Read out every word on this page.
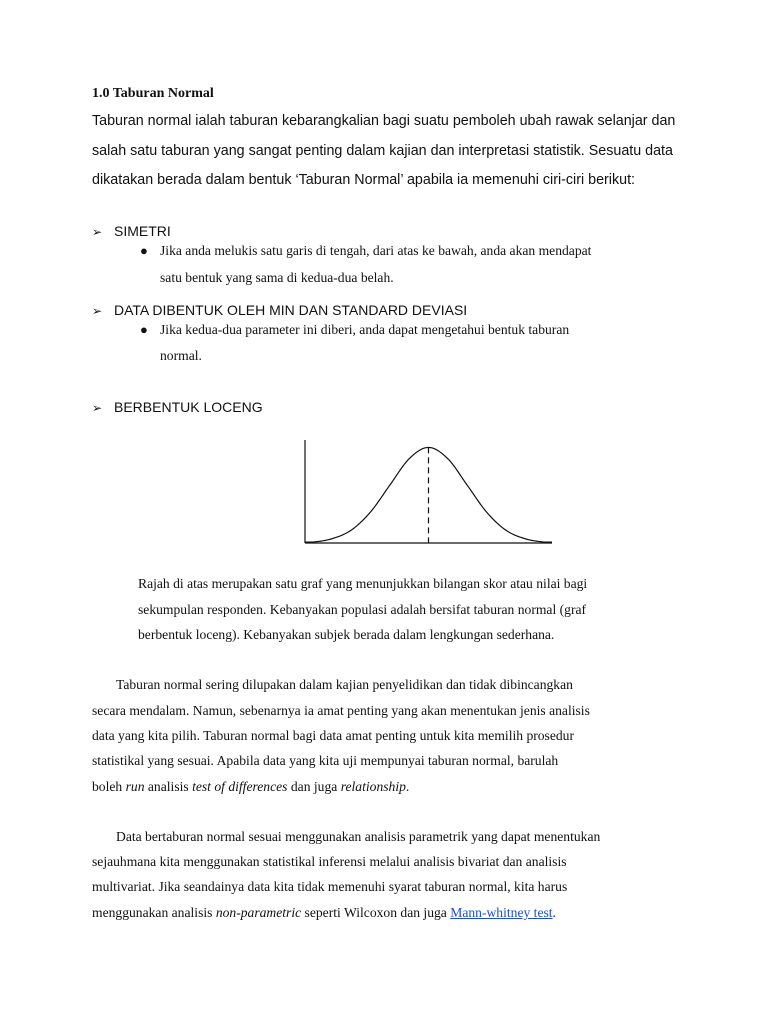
1.0 Taburan Normal
Taburan normal ialah taburan kebarangkalian bagi suatu pemboleh ubah rawak selanjar dan
salah satu taburan yang sangat penting dalam kajian dan interpretasi statistik. Sesuatu data
dikatakan berada dalam bentuk ‘Taburan Normal’ apabila ia memenuhi ciri-ciri berikut:
➢ SIMETRI
● Jika anda melukis satu garis di tengah, dari atas ke bawah, anda akan mendapat
satu bentuk yang sama di kedua-dua belah.
➢ DATA DIBENTUK OLEH MIN DAN STANDARD DEVIASI
● Jika kedua-dua parameter ini diberi, anda dapat mengetahui bentuk taburan
normal.
➢ BERBENTUK LOCENG
Rajah di atas merupakan satu graf yang menunjukkan bilangan skor atau nilai bagi
sekumpulan responden. Kebanyakan populasi adalah bersifat taburan normal (graf
berbentuk loceng). Kebanyakan subjek berada dalam lengkungan sederhana.
Taburan normal sering dilupakan dalam kajian penyelidikan dan tidak dibincangkan
secara mendalam. Namun, sebenarnya ia amat penting yang akan menentukan jenis analisis
data yang kita pilih. Taburan normal bagi data amat penting untuk kita memilih prosedur
statistikal yang sesuai. Apabila data yang kita uji mempunyai taburan normal, barulah
boleh run analisis test of differences dan juga relationship.
Data bertaburan normal sesuai menggunakan analisis parametrik yang dapat menentukan
sejauhmana kita menggunakan statistikal inferensi melalui analisis bivariat dan analisis
multivariat. Jika seandainya data kita tidak memenuhi syarat taburan normal, kita harus
menggunakan analisis non-parametric seperti Wilcoxon dan juga Mann-whitney test.
